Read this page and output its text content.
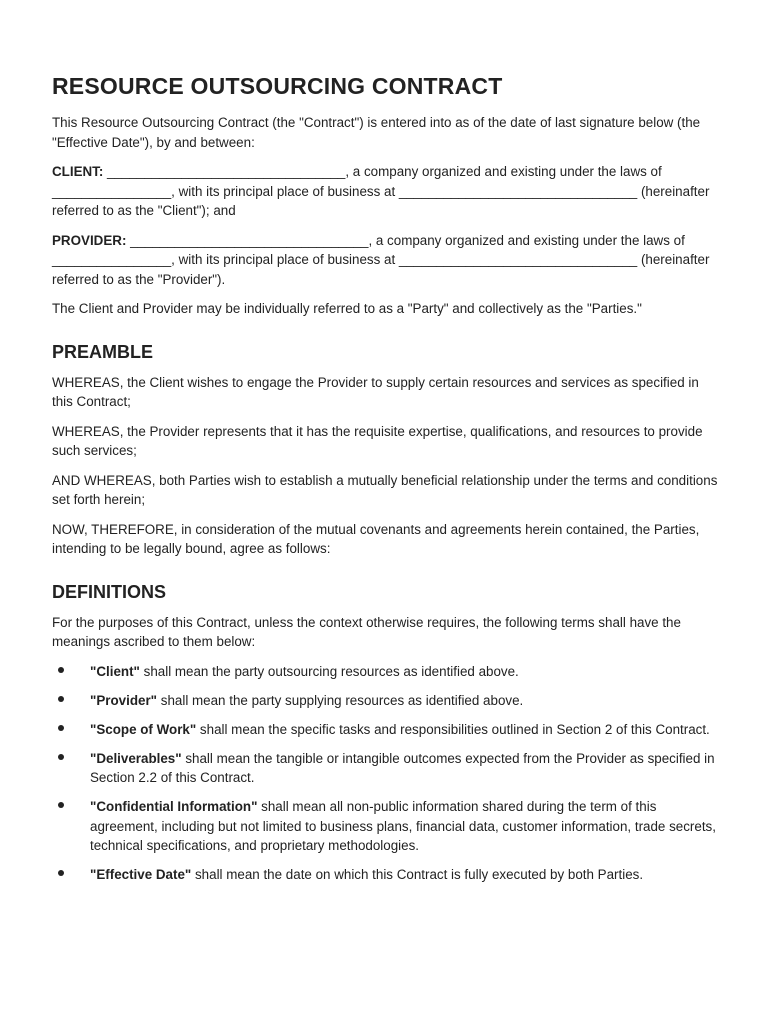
RESOURCE OUTSOURCING CONTRACT

This Resource Outsourcing Contract (the "Contract") is entered into as of the date of last signature below (the "Effective Date"), by and between:

CLIENT: ________________________________, a company organized and existing under the laws of ________________, with its principal place of business at ________________________________ (hereinafter referred to as the "Client"); and

PROVIDER: ________________________________, a company organized and existing under the laws of ________________, with its principal place of business at ________________________________ (hereinafter referred to as the "Provider").

The Client and Provider may be individually referred to as a "Party" and collectively as the "Parties."

PREAMBLE

WHEREAS, the Client wishes to engage the Provider to supply certain resources and services as specified in this Contract;

WHEREAS, the Provider represents that it has the requisite expertise, qualifications, and resources to provide such services;

AND WHEREAS, both Parties wish to establish a mutually beneficial relationship under the terms and conditions set forth herein;

NOW, THEREFORE, in consideration of the mutual covenants and agreements herein contained, the Parties, intending to be legally bound, agree as follows:

DEFINITIONS

For the purposes of this Contract, unless the context otherwise requires, the following terms shall have the meanings ascribed to them below:

"Client" shall mean the party outsourcing resources as identified above.
"Provider" shall mean the party supplying resources as identified above.
"Scope of Work" shall mean the specific tasks and responsibilities outlined in Section 2 of this Contract.
"Deliverables" shall mean the tangible or intangible outcomes expected from the Provider as specified in Section 2.2 of this Contract.
"Confidential Information" shall mean all non-public information shared during the term of this agreement, including but not limited to business plans, financial data, customer information, trade secrets, technical specifications, and proprietary methodologies.
"Effective Date" shall mean the date on which this Contract is fully executed by both Parties.
